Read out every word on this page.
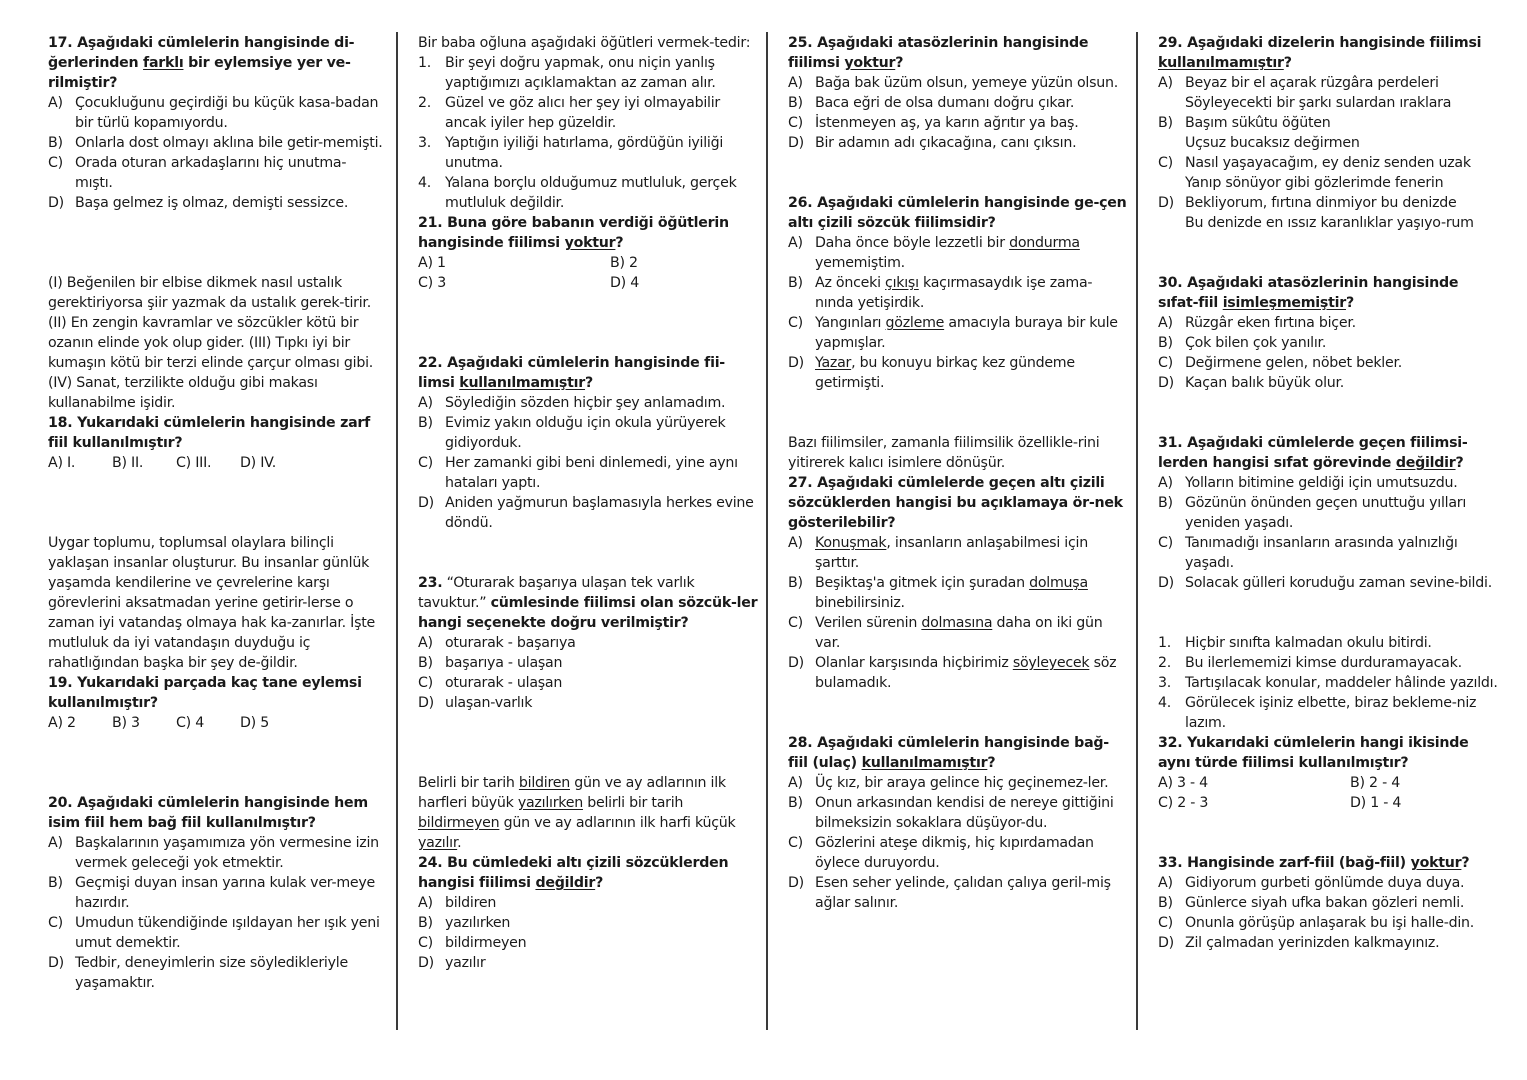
17. Aşağıdaki cümlelerin hangisinde di-ğerlerinden farklı bir eylemsiye yer ve-rilmiştir?
A) Çocukluğunu geçirdiği bu küçük kasa-badan bir türlü kopamıyordu.
B) Onlarla dost olmayı aklına bile getir-memişti.
C) Orada oturan arkadaşlarını hiç unutma-mıştı.
D) Başa gelmez iş olmaz, demişti sessizce.
(I) Beğenilen bir elbise dikmek nasıl ustalık gerektiriyorsa şiir yazmak da ustalık gerek-tirir. (II) En zengin kavramlar ve sözcükler kötü bir ozanın elinde yok olup gider. (III) Tıpkı iyi bir kumaşın kötü bir terzi elinde çarçur olması gibi. (IV) Sanat, terzilikte olduğu gibi makası kullanabilme işidir.
18. Yukarıdaki cümlelerin hangisinde zarf fiil kullanılmıştır?
A) I.	B) II.	C) III.	D) IV.
Uygar toplumu, toplumsal olaylara bilinçli yaklaşan insanlar oluşturur. Bu insanlar günlük yaşamda kendilerine ve çevrelerine karşı görevlerini aksatmadan yerine getirir-lerse o zaman iyi vatandaş olmaya hak ka-zanırlar. İşte mutluluk da iyi vatandaşın duyduğu iç rahatlığından başka bir şey de-ğildir.
19. Yukarıdaki parçada kaç tane eylemsi kullanılmıştır?
A) 2	B) 3	C) 4	D) 5
20. Aşağıdaki cümlelerin hangisinde hem isim fiil hem bağ fiil kullanılmıştır?
A) Başkalarının yaşamımıza yön vermesine izin vermek geleceği yok etmektir.
B) Geçmişi duyan insan yarına kulak ver-meye hazırdır.
C) Umudun tükendiğinde ışıldayan her ışık yeni umut demektir.
D) Tedbir, deneyimlerin size söyledikleriyle yaşamaktır.
Bir baba oğluna aşağıdaki öğütleri vermek-tedir:
1. Bir şeyi doğru yapmak, onu niçin yanlış yaptığımızı açıklamaktan az zaman alır.
2. Güzel ve göz alıcı her şey iyi olmayabilir ancak iyiler hep güzeldir.
3. Yaptığın iyiliği hatırlama, gördüğün iyiliği unutma.
4. Yalana borçlu olduğumuz mutluluk, gerçek mutluluk değildir.
21. Buna göre babanın verdiği öğütlerin hangisinde fiilimsi yoktur?
A) 1	B) 2
C) 3	D) 4
22. Aşağıdaki cümlelerin hangisinde fii-limsi kullanılmamıştır?
A) Söylediğin sözden hiçbir şey anlamadım.
B) Evimiz yakın olduğu için okula yürüyerek gidiyorduk.
C) Her zamanki gibi beni dinlemedi, yine aynı hataları yaptı.
D) Aniden yağmurun başlamasıyla herkes evine döndü.
23. “Oturarak başarıya ulaşan tek varlık tavuktur.” cümlesinde fiilimsi olan sözcük-ler hangi seçenekte doğru verilmiştir?
A) oturarak - başarıya
B) başarıya - ulaşan
C) oturarak - ulaşan
D) ulaşan-varlık
Belirli bir tarih bildiren gün ve ay adlarının ilk harfleri büyük yazılırken belirli bir tarih bildirmeyen gün ve ay adlarının ilk harfi küçük yazılır.
24. Bu cümledeki altı çizili sözcüklerden hangisi fiilimsi değildir?
A) bildiren
B) yazılırken
C) bildirmeyen
D) yazılır
25. Aşağıdaki atasözlerinin hangisinde fiilimsi yoktur?
A) Bağa bak üzüm olsun, yemeye yüzün olsun.
B) Baca eğri de olsa dumanı doğru çıkar.
C) İstenmeyen aş, ya karın ağrıtır ya baş.
D) Bir adamın adı çıkacağına, canı çıksın.
26. Aşağıdaki cümlelerin hangisinde ge-çen altı çizili sözcük fiilimsidir?
A) Daha önce böyle lezzetli bir dondurma yememiştim.
B) Az önceki çıkışı kaçırmasaydık işe zama-nında yetişirdik.
C) Yangınları gözleme amacıyla buraya bir kule yapmışlar.
D) Yazar, bu konuyu birkaç kez gündeme getirmişti.
Bazı fiilimsiler, zamanla fiilimsilik özellikle-rini yitirerek kalıcı isimlere dönüşür.
27. Aşağıdaki cümlelerde geçen altı çizili sözcüklerden hangisi bu açıklamaya ör-nek gösterilebilir?
A) Konuşmak, insanların anlaşabilmesi için şarttır.
B) Beşiktaş'a gitmek için şuradan dolmuşa binebilirsiniz.
C) Verilen sürenin dolmasına daha on iki gün var.
D) Olanlar karşısında hiçbirimiz söyleyecek söz bulamadık.
28. Aşağıdaki cümlelerin hangisinde bağ-fiil (ulaç) kullanılmamıştır?
A) Üç kız, bir araya gelince hiç geçinemez-ler.
B) Onun arkasından kendisi de nereye gittiğini bilmeksizin sokaklara düşüyor-du.
C) Gözlerini ateşe dikmiş, hiç kıpırdamadan öylece duruyordu.
D) Esen seher yelinde, çalıdan çalıya geril-miş ağlar salınır.
29. Aşağıdaki dizelerin hangisinde fiilimsi kullanılmamıştır?
A) Beyaz bir el açarak rüzgâra perdeleri
Söyleyecekti bir şarkı sulardan ıraklara
B) Başım sükûtu öğüten
Uçsuz bucaksız değirmen
C) Nasıl yaşayacağım, ey deniz senden uzak
Yanıp sönüyor gibi gözlerimde fenerin
D) Bekliyorum, fırtına dinmiyor bu denizde
Bu denizde en ıssız karanlıklar yaşıyo-rum
30. Aşağıdaki atasözlerinin hangisinde sıfat-fiil isimleşmemiştir?
A) Rüzgâr eken fırtına biçer.
B) Çok bilen çok yanılır.
C) Değirmene gelen, nöbet bekler.
D) Kaçan balık büyük olur.
31. Aşağıdaki cümlelerde geçen fiilimsi-lerden hangisi sıfat görevinde değildir?
A) Yolların bitimine geldiği için umutsuzdu.
B) Gözünün önünden geçen unuttuğu yılları yeniden yaşadı.
C) Tanımadığı insanların arasında yalnızlığı yaşadı.
D) Solacak gülleri koruduğu zaman sevine-bildi.
1. Hiçbir sınıfta kalmadan okulu bitirdi.
2. Bu ilerlememizi kimse durduramayacak.
3. Tartışılacak konular, maddeler hâlinde yazıldı.
4. Görülecek işiniz elbette, biraz bekleme-niz lazım.
32. Yukarıdaki cümlelerin hangi ikisinde aynı türde fiilimsi kullanılmıştır?
A) 3 - 4	B) 2 - 4
C) 2 - 3	D) 1 - 4
33. Hangisinde zarf-fiil (bağ-fiil) yoktur?
A) Gidiyorum gurbeti gönlümde duya duya.
B) Günlerce siyah ufka bakan gözleri nemli.
C) Onunla görüşüp anlaşarak bu işi halle-din.
D) Zil çalmadan yerinizden kalkmayınız.
